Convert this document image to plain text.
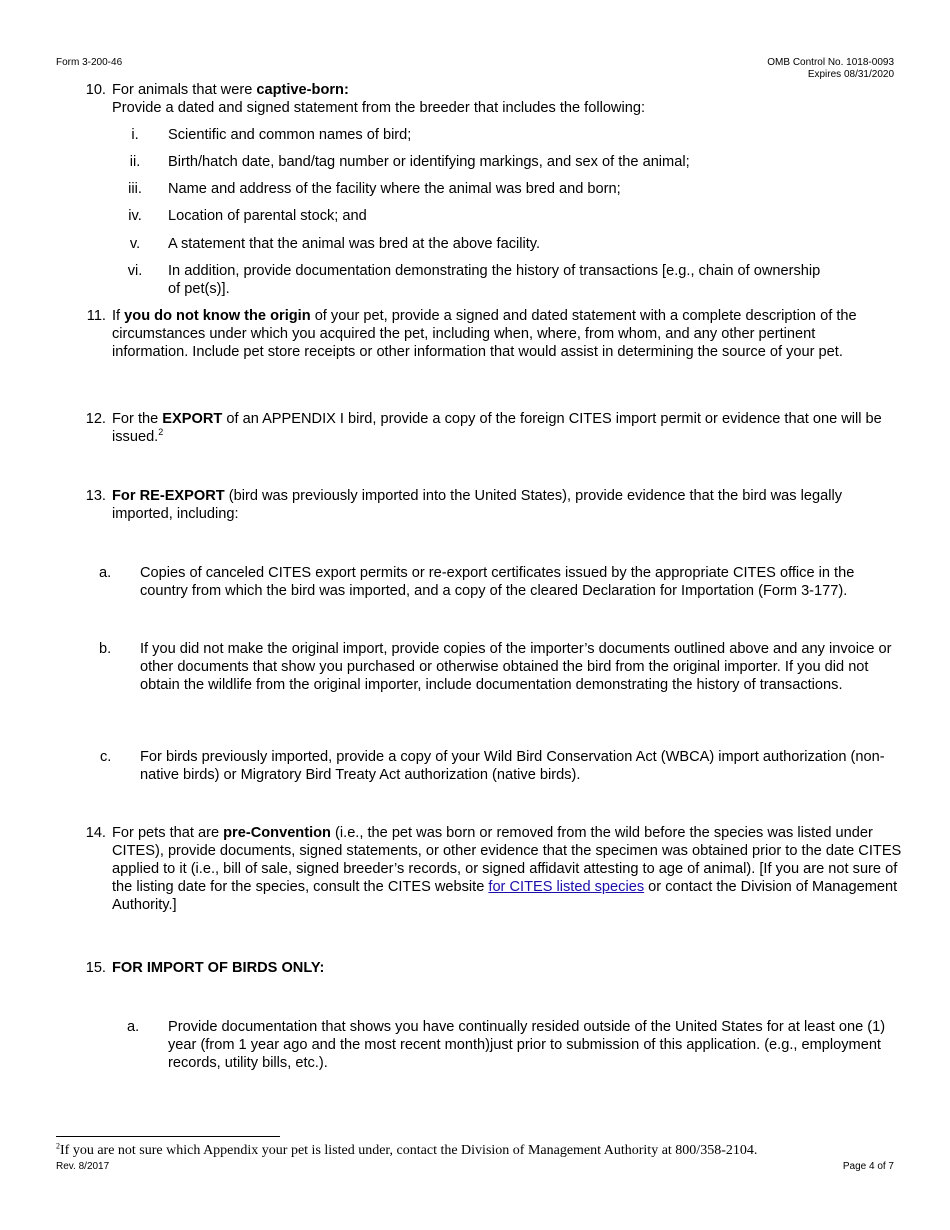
Form 3-200-46	OMB Control No. 1018-0093
Expires 08/31/2020
10. For animals that were captive-born:
Provide a dated and signed statement from the breeder that includes the following:
i.	Scientific and common names of bird;
ii.	Birth/hatch date, band/tag number or identifying markings, and sex of the animal;
iii.	Name and address of the facility where the animal was bred and born;
iv.	Location of parental stock; and
v.	A statement that the animal was bred at the above facility.
vi.	In addition, provide documentation demonstrating the history of transactions [e.g., chain of ownership of pet(s)].
11. If you do not know the origin of your pet, provide a signed and dated statement with a complete description of the circumstances under which you acquired the pet, including when, where, from whom, and any other pertinent information. Include pet store receipts or other information that would assist in determining the source of your pet.
12. For the EXPORT of an APPENDIX I bird, provide a copy of the foreign CITES import permit or evidence that one will be issued.$^2$
13. For RE-EXPORT (bird was previously imported into the United States), provide evidence that the bird was legally imported, including:
a. Copies of canceled CITES export permits or re-export certificates issued by the appropriate CITES office in the country from which the bird was imported, and a copy of the cleared Declaration for Importation (Form 3-177).
b. If you did not make the original import, provide copies of the importer’s documents outlined above and any invoice or other documents that show you purchased or otherwise obtained the bird from the original importer. If you did not obtain the wildlife from the original importer, include documentation demonstrating the history of transactions.
c. For birds previously imported, provide a copy of your Wild Bird Conservation Act (WBCA) import authorization (non-native birds) or Migratory Bird Treaty Act authorization (native birds).
14. For pets that are pre-Convention (i.e., the pet was born or removed from the wild before the species was listed under CITES), provide documents, signed statements, or other evidence that the specimen was obtained prior to the date CITES applied to it (i.e., bill of sale, signed breeder’s records, or signed affidavit attesting to age of animal). [If you are not sure of the listing date for the species, consult the CITES website for CITES listed species or contact the Division of Management Authority.]
15. FOR IMPORT OF BIRDS ONLY:
a. Provide documentation that shows you have continually resided outside of the United States for at least one (1) year (from 1 year ago and the most recent month)just prior to submission of this application. (e.g., employment records, utility bills, etc.).
$^2$If you are not sure which Appendix your pet is listed under, contact the Division of Management Authority at 800/358-2104.
Rev. 8/2017	Page 4 of 7
